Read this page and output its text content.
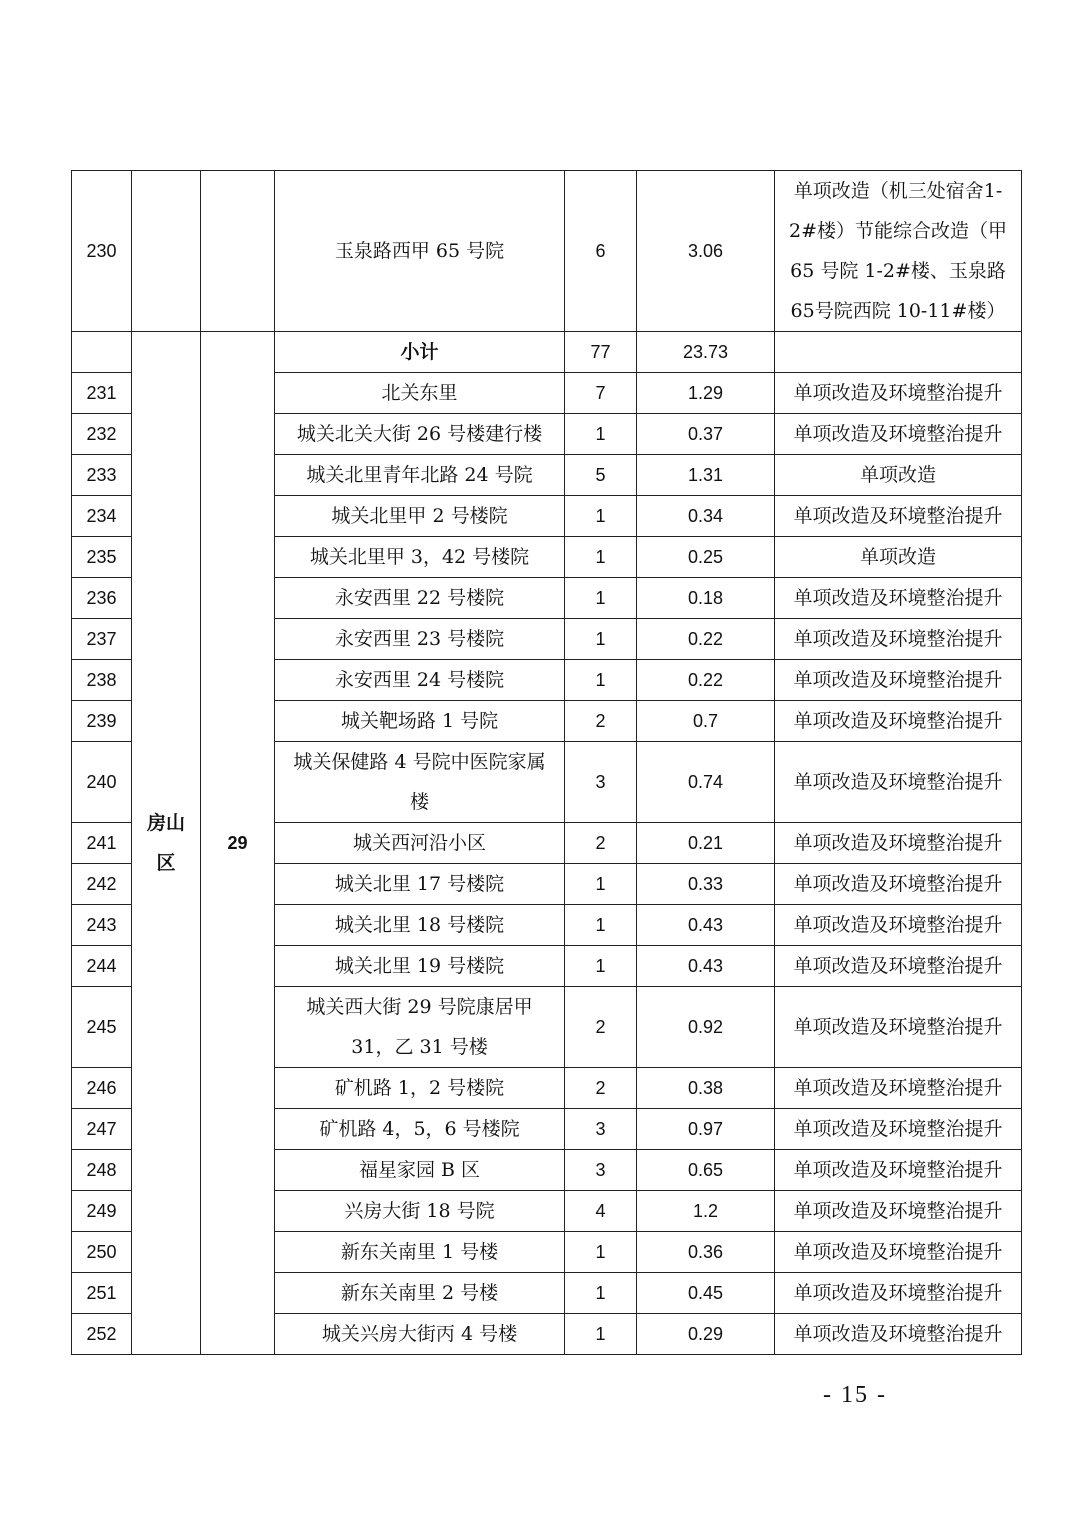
230			玉泉路西甲 65 号院	6	3.06	单项改造（机三处宿舍1-2#楼）节能综合改造（甲65 号院 1-2#楼、玉泉路 65号院西院 10-11#楼）
	房山区	29	小计	77	23.73	
231			北关东里	7	1.29	单项改造及环境整治提升
232			城关北关大街 26 号楼建行楼	1	0.37	单项改造及环境整治提升
233			城关北里青年北路 24 号院	5	1.31	单项改造
234			城关北里甲 2 号楼院	1	0.34	单项改造及环境整治提升
235			城关北里甲 3，42 号楼院	1	0.25	单项改造
236			永安西里 22 号楼院	1	0.18	单项改造及环境整治提升
237			永安西里 23 号楼院	1	0.22	单项改造及环境整治提升
238			永安西里 24 号楼院	1	0.22	单项改造及环境整治提升
239			城关靶场路 1 号院	2	0.7	单项改造及环境整治提升
240			城关保健路 4 号院中医院家属楼	3	0.74	单项改造及环境整治提升
241			城关西河沿小区	2	0.21	单项改造及环境整治提升
242			城关北里 17 号楼院	1	0.33	单项改造及环境整治提升
243			城关北里 18 号楼院	1	0.43	单项改造及环境整治提升
244			城关北里 19 号楼院	1	0.43	单项改造及环境整治提升
245			城关西大街 29 号院康居甲 31，乙 31 号楼	2	0.92	单项改造及环境整治提升
246			矿机路 1，2 号楼院	2	0.38	单项改造及环境整治提升
247			矿机路 4，5，6 号楼院	3	0.97	单项改造及环境整治提升
248			福星家园 B 区	3	0.65	单项改造及环境整治提升
249			兴房大街 18 号院	4	1.2	单项改造及环境整治提升
250			新东关南里 1 号楼	1	0.36	单项改造及环境整治提升
251			新东关南里 2 号楼	1	0.45	单项改造及环境整治提升
252			城关兴房大街丙 4 号楼	1	0.29	单项改造及环境整治提升
- 15 -
